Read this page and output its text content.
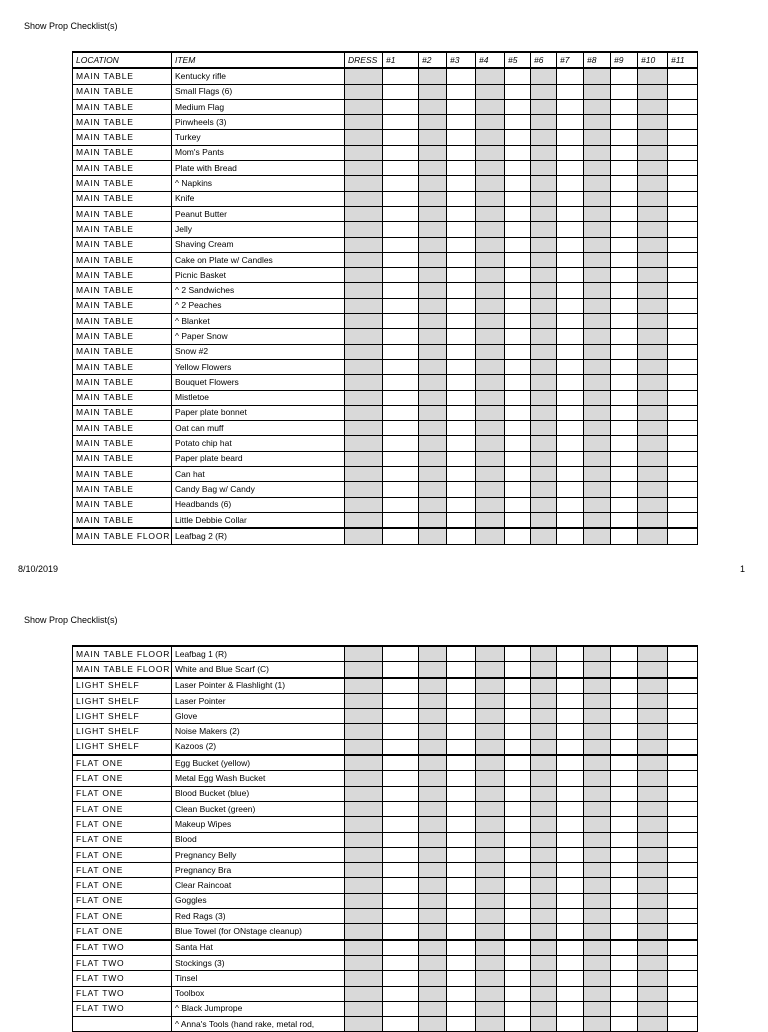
Show Prop Checklist(s)
LOCATION	ITEM	DRESS	#1	#2	#3	#4	#5	#6	#7	#8	#9	#10	#11
MAIN TABLE	Kentucky rifle												
MAIN TABLE	Small Flags (6)												
MAIN TABLE	Medium Flag												
MAIN TABLE	Pinwheels (3)												
MAIN TABLE	Turkey												
MAIN TABLE	Mom's Pants												
MAIN TABLE	Plate with Bread												
MAIN TABLE	^ Napkins												
MAIN TABLE	Knife												
MAIN TABLE	Peanut Butter												
MAIN TABLE	Jelly												
MAIN TABLE	Shaving Cream												
MAIN TABLE	Cake on Plate w/ Candles												
MAIN TABLE	Picnic Basket												
MAIN TABLE	^ 2 Sandwiches												
MAIN TABLE	^ 2 Peaches												
MAIN TABLE	^ Blanket												
MAIN TABLE	^ Paper Snow												
MAIN TABLE	Snow #2												
MAIN TABLE	Yellow Flowers												
MAIN TABLE	Bouquet Flowers												
MAIN TABLE	Mistletoe												
MAIN TABLE	Paper plate bonnet												
MAIN TABLE	Oat can muff												
MAIN TABLE	Potato chip hat												
MAIN TABLE	Paper plate beard												
MAIN TABLE	Can hat												
MAIN TABLE	Candy Bag w/ Candy												
MAIN TABLE	Headbands (6)												
MAIN TABLE	Little Debbie Collar												
MAIN TABLE FLOOR	Leafbag 2 (R)												
8/10/2019	1
Show Prop Checklist(s)
MAIN TABLE FLOOR	Leafbag 1 (R)												
MAIN TABLE FLOOR	White and Blue Scarf (C)												
LIGHT SHELF	Laser Pointer & Flashlight (1)												
LIGHT SHELF	Laser Pointer												
LIGHT SHELF	Glove												
LIGHT SHELF	Noise Makers (2)												
LIGHT SHELF	Kazoos (2)												
FLAT ONE	Egg Bucket (yellow)												
FLAT ONE	Metal Egg Wash Bucket												
FLAT ONE	Blood Bucket (blue)												
FLAT ONE	Clean Bucket (green)												
FLAT ONE	Makeup Wipes												
FLAT ONE	Blood												
FLAT ONE	Pregnancy Belly												
FLAT ONE	Pregnancy Bra												
FLAT ONE	Clear Raincoat												
FLAT ONE	Goggles												
FLAT ONE	Red Rags (3)												
FLAT ONE	Blue Towel (for ONstage cleanup)												
FLAT TWO	Santa Hat												
FLAT TWO	Stockings (3)												
FLAT TWO	Tinsel												
FLAT TWO	Toolbox												
FLAT TWO	^ Black Jumprope												
	^ Anna's Tools (hand rake, metal rod,												
